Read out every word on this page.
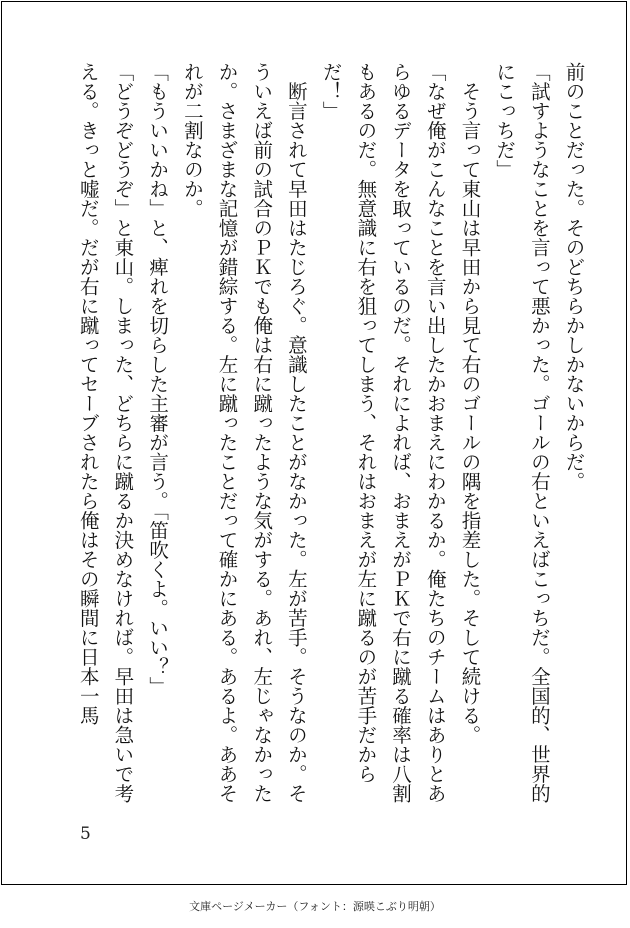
前のことだった。そのどちらかしかないからだ。

「試すようなことを言って悪かった。ゴールの右といえばこっちだ。全国的、世界的にこっちだ」

　そう言って東山は早田から見て右のゴールの隅を指差した。そして続ける。

「なぜ俺がこんなことを言い出したかおまえにわかるか。俺たちのチームはありとあらゆるデータを取っているのだ。それによれば、おまえがＰＫで右に蹴る確率は八割もあるのだ。無意識に右を狙ってしまう、それはおまえが左に蹴るのが苦手だからだ！」

　断言されて早田はたじろぐ。意識したことがなかった。左が苦手。そうなのか。そういえば前の試合のＰＫでも俺は右に蹴ったような気がする。あれ、左じゃなかったか。さまざまな記憶が錯綜する。左に蹴ったことだって確かにある。あるよ。ああそれが二割なのか。

「もういいかね」と、痺れを切らした主審が言う。「笛吹くよ。いい？」

「どうぞどうぞ」と東山。しまった、どちらに蹴るか決めなければ。早田は急いで考える。きっと嘘だ。だが右に蹴ってセーブされたら俺はその瞬間に日本一馬

5
文庫ページメーカー（フォント：源暎こぶり明朝）
